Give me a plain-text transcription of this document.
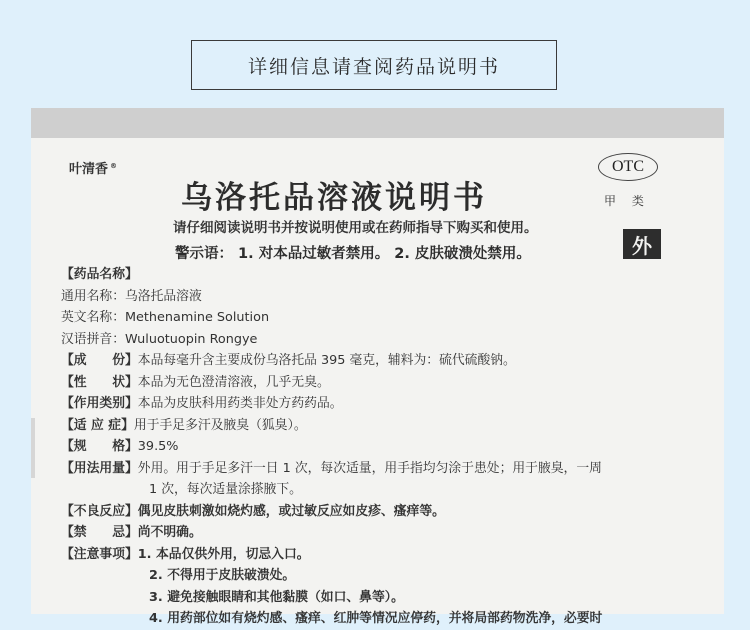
详细信息请查阅药品说明书
叶清香 ®
乌洛托品溶液说明书
OTC
甲 类
外
请仔细阅读说明书并按说明使用或在药师指导下购买和使用。
警示语： 1. 对本品过敏者禁用。 2. 皮肤破溃处禁用。
【药品名称】
通用名称： 乌洛托品溶液
英文名称： Methenamine Solution
汉语拼音： Wuluotuopin Rongye
【成　　份】 本品每毫升含主要成份乌洛托品 395 毫克，辅料为：硫代硫酸钠。
【性　　状】 本品为无色澄清溶液，几乎无臭。
【作用类别】 本品为皮肤科用药类非处方药药品。
【适 应 症】 用于手足多汗及腋臭（狐臭）。
【规　　格】 39.5%
【用法用量】 外用。用于手足多汗一日 1 次，每次适量，用手指均匀涂于患处；用于腋臭，一周
1 次，每次适量涂搽腋下。
【不良反应】 偶见皮肤刺激如烧灼感，或过敏反应如皮疹、瘙痒等。
【禁　　忌】 尚不明确。
【注意事项】 1. 本品仅供外用，切忌入口。
2. 不得用于皮肤破溃处。
3. 避免接触眼睛和其他黏膜（如口、鼻等）。
4. 用药部位如有烧灼感、瘙痒、红肿等情况应停药，并将局部药物洗净，必要时
